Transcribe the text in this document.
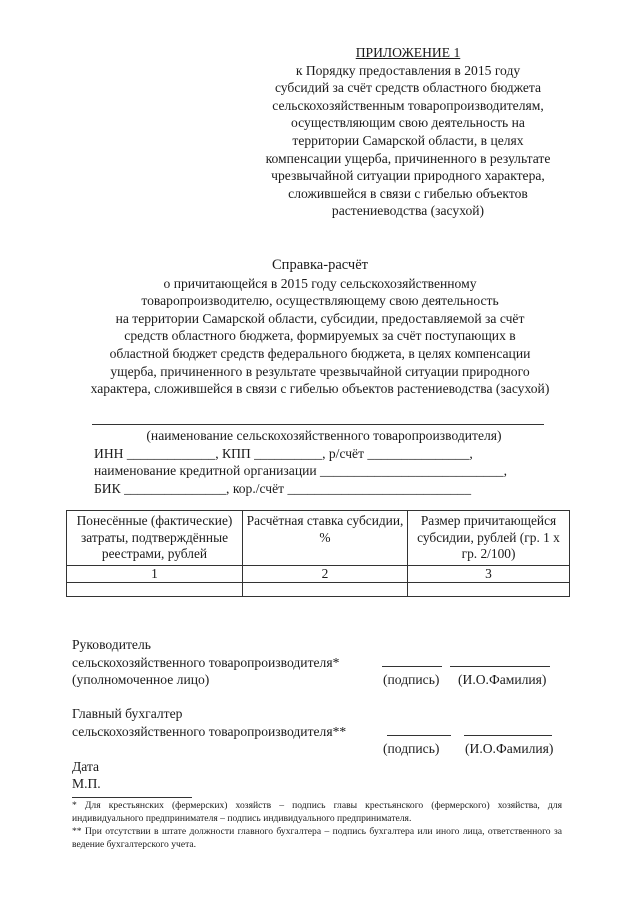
ПРИЛОЖЕНИЕ 1
к Порядку предоставления в 2015 году
субсидий за счёт средств областного бюджета
сельскохозяйственным товаропроизводителям,
осуществляющим свою деятельность на
территории Самарской области, в целях
компенсации ущерба, причиненного в результате
чрезвычайной ситуации природного характера,
сложившейся в связи с гибелью объектов
растениеводства (засухой)
Справка-расчёт
о причитающейся в 2015 году сельскохозяйственному
товаропроизводителю, осуществляющему свою деятельность
на территории Самарской области, субсидии, предоставляемой за счёт
средств областного бюджета, формируемых за счёт поступающих в
областной бюджет средств федерального бюджета, в целях компенсации
ущерба, причиненного в результате чрезвычайной ситуации природного
характера, сложившейся в связи с гибелью объектов растениеводства (засухой)
(наименование сельскохозяйственного товаропроизводителя)
ИНН _____________, КПП __________, р/счёт _______________,
наименование кредитной организации ___________________________,
БИК _______________, кор./счёт ___________________________
Понесённые (фактические) затраты, подтверждённые реестрами, рублей	Расчётная ставка субсидии, %	Размер причитающейся субсидии, рублей (гр. 1 х гр. 2/100)
1	2	3

Руководитель
сельскохозяйственного товаропроизводителя*
(уполномоченное лицо)	(подпись) (И.О.Фамилия)
Главный бухгалтер
сельскохозяйственного товаропроизводителя**
(подпись) (И.О.Фамилия)
Дата
М.П.
* Для крестьянских (фермерских) хозяйств – подпись главы крестьянского (фермерского) хозяйства, для индивидуального предпринимателя – подпись индивидуального предпринимателя.
** При отсутствии в штате должности главного бухгалтера – подпись бухгалтера или иного лица, ответственного за ведение бухгалтерского учета.
